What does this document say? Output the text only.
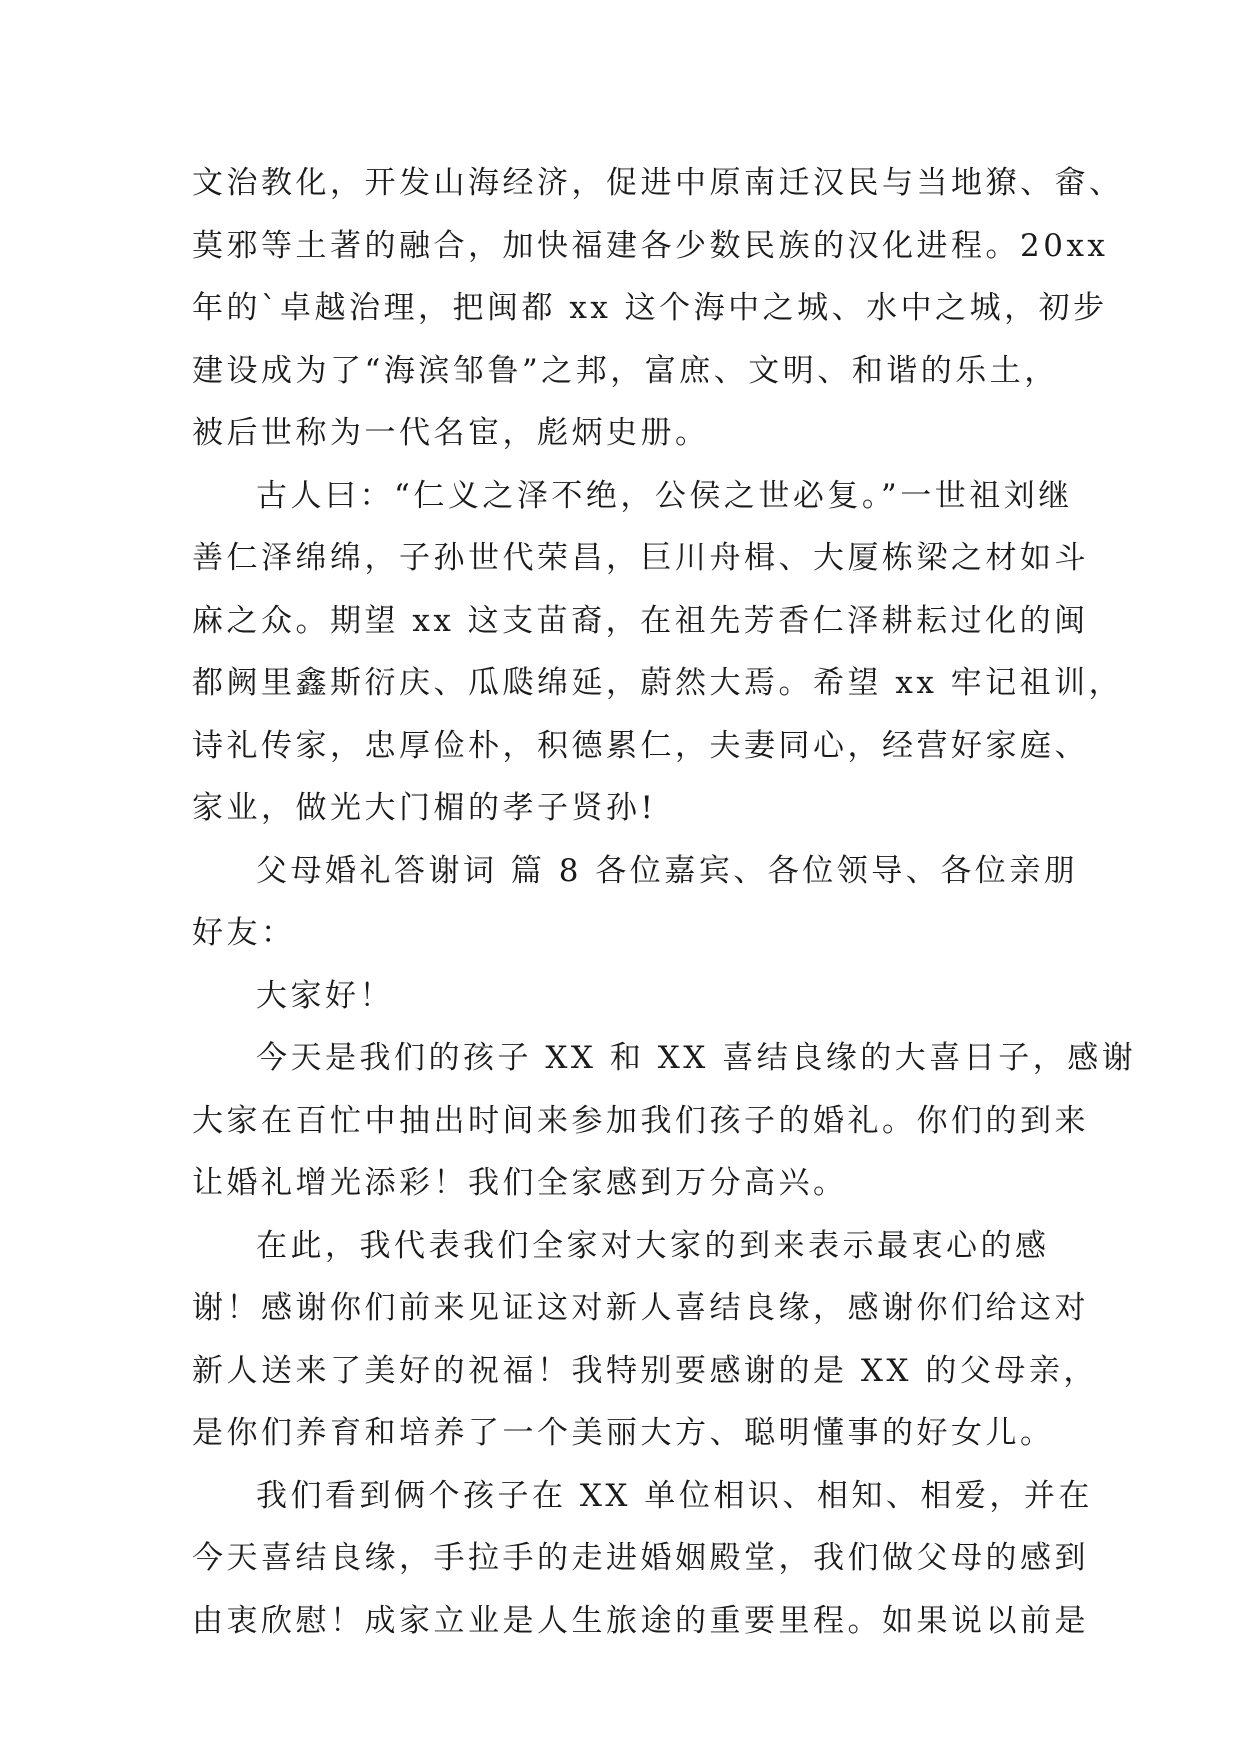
文治教化，开发山海经济，促进中原南迁汉民与当地獠、畲、
莫邪等土著的融合，加快福建各少数民族的汉化进程。20xx
年的`卓越治理，把闽都 xx 这个海中之城、水中之城，初步
建设成为了“海滨邹鲁”之邦，富庶、文明、和谐的乐土，
被后世称为一代名宦，彪炳史册。
古人曰：“仁义之泽不绝，公侯之世必复。”一世祖刘继
善仁泽绵绵，子孙世代荣昌，巨川舟楫、大厦栋梁之材如斗
麻之众。期望 xx 这支苗裔，在祖先芳香仁泽耕耘过化的闽
都阙里鑫斯衍庆、瓜瓞绵延，蔚然大焉。希望 xx 牢记祖训，
诗礼传家，忠厚俭朴，积德累仁，夫妻同心，经营好家庭、
家业，做光大门楣的孝子贤孙!
父母婚礼答谢词 篇 8 各位嘉宾、各位领导、各位亲朋
好友：
大家好！
今天是我们的孩子 XX 和 XX 喜结良缘的大喜日子，感谢
大家在百忙中抽出时间来参加我们孩子的婚礼。你们的到来
让婚礼增光添彩！我们全家感到万分高兴。
在此，我代表我们全家对大家的到来表示最衷心的感
谢！感谢你们前来见证这对新人喜结良缘，感谢你们给这对
新人送来了美好的祝福！我特别要感谢的是 XX 的父母亲，
是你们养育和培养了一个美丽大方、聪明懂事的好女儿。
我们看到俩个孩子在 XX 单位相识、相知、相爱，并在
今天喜结良缘，手拉手的走进婚姻殿堂，我们做父母的感到
由衷欣慰！成家立业是人生旅途的重要里程。如果说以前是
